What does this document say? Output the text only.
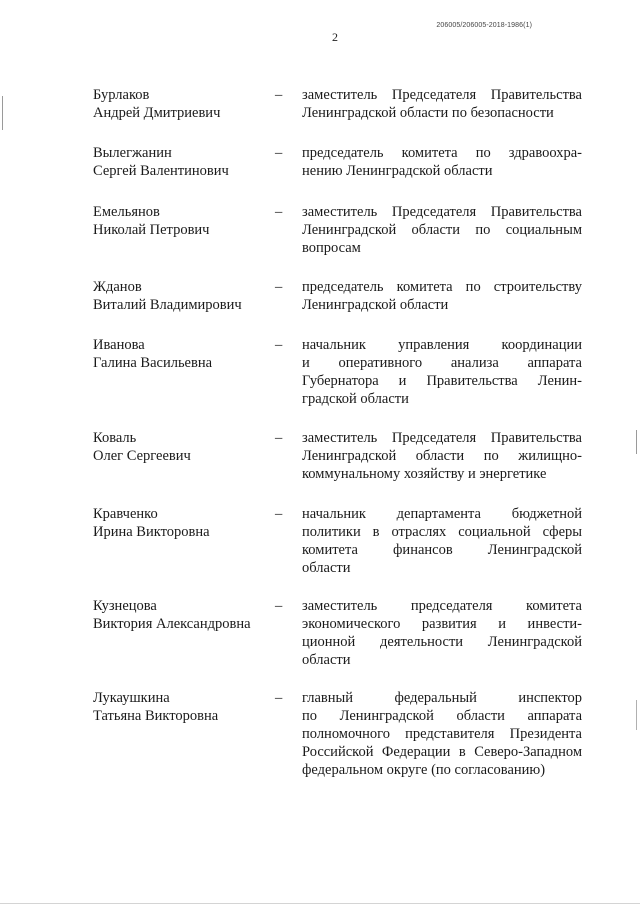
206005/206005-2018-1986(1)
2
Бурлаков
Андрей Дмитриевич
– заместитель Председателя Правительства
Ленинградской области по безопасности
Вылегжанин
Сергей Валентинович
– председатель комитета по здравоохра-
нению Ленинградской области
Емельянов
Николай Петрович
– заместитель Председателя Правительства
Ленинградской области по социальным
вопросам
Жданов
Виталий Владимирович
– председатель комитета по строительству
Ленинградской области
Иванова
Галина Васильевна
– начальник управления координации
и оперативного анализа аппарата
Губернатора и Правительства Ленин-
градской области
Коваль
Олег Сергеевич
– заместитель Председателя Правительства
Ленинградской области по жилищно-
коммунальному хозяйству и энергетике
Кравченко
Ирина Викторовна
– начальник департамента бюджетной
политики в отраслях социальной сферы
комитета финансов Ленинградской
области
Кузнецова
Виктория Александровна
– заместитель председателя комитета
экономического развития и инвести-
ционной деятельности Ленинградской
области
Лукаушкина
Татьяна Викторовна
– главный федеральный инспектор
по Ленинградской области аппарата
полномочного представителя Президента
Российской Федерации в Северо-Западном
федеральном округе (по согласованию)
